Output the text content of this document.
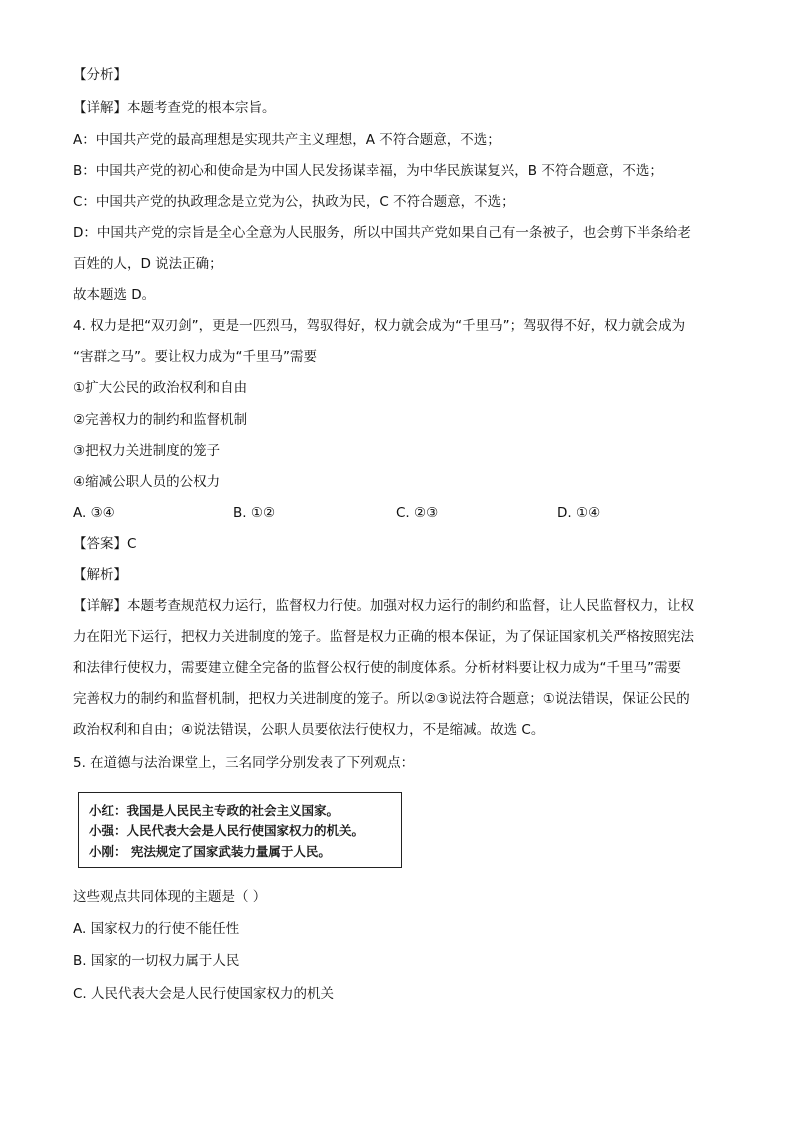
【分析】
【详解】本题考查党的根本宗旨。
A：中国共产党的最高理想是实现共产主义理想，A 不符合题意，不选；
B：中国共产党的初心和使命是为中国人民发扬谋幸福，为中华民族谋复兴，B 不符合题意，不选；
C：中国共产党的执政理念是立党为公，执政为民，C 不符合题意，不选；
D：中国共产党的宗旨是全心全意为人民服务，所以中国共产党如果自己有一条被子，也会剪下半条给老
百姓的人，D 说法正确；
故本题选 D。
4. 权力是把“双刃剑”，更是一匹烈马，驾驭得好，权力就会成为“千里马”；驾驭得不好，权力就会成为
“害群之马”。要让权力成为“千里马”需要
①扩大公民的政治权利和自由
②完善权力的制约和监督机制
③把权力关进制度的笼子
④缩减公职人员的公权力
A. ③④	B. ①②	C. ②③	D. ①④
【答案】C
【解析】
【详解】本题考查规范权力运行，监督权力行使。加强对权力运行的制约和监督，让人民监督权力，让权
力在阳光下运行，把权力关进制度的笼子。监督是权力正确的根本保证，为了保证国家机关严格按照宪法
和法律行使权力，需要建立健全完备的监督公权行使的制度体系。分析材料要让权力成为“千里马”需要
完善权力的制约和监督机制，把权力关进制度的笼子。所以②③说法符合题意；①说法错误，保证公民的
政治权利和自由；④说法错误，公职人员要依法行使权力，不是缩减。故选 C。
5. 在道德与法治课堂上，三名同学分别发表了下列观点：
小红：我国是人民民主专政的社会主义国家。
小强：人民代表大会是人民行使国家权力的机关。
小刚： 宪法规定了国家武装力量属于人民。
这些观点共同体现的主题是（ ）
A. 国家权力的行使不能任性
B. 国家的一切权力属于人民
C. 人民代表大会是人民行使国家权力的机关
